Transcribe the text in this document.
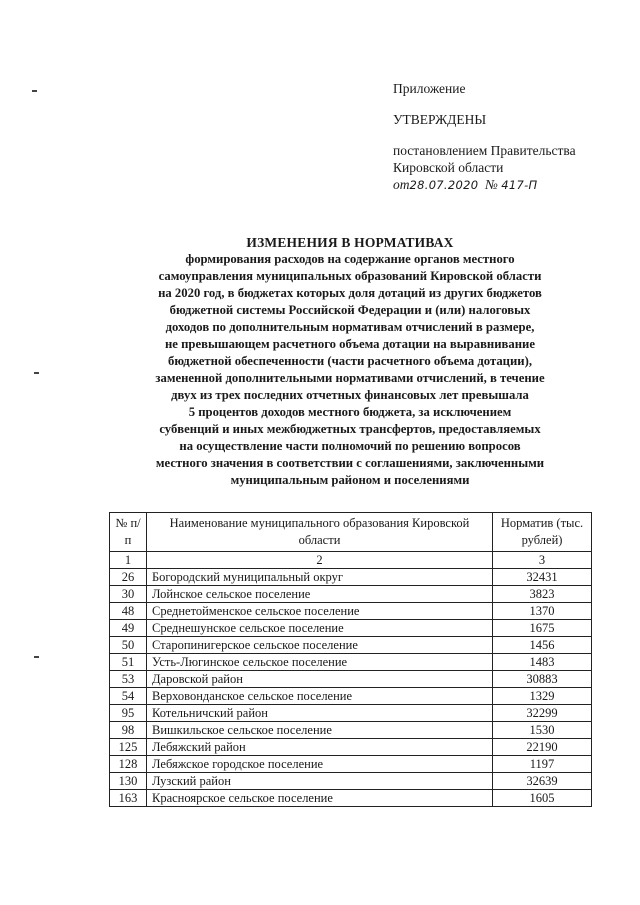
Приложение
УТВЕРЖДЕНЫ
постановлением Правительства
Кировской области
от28.07.2020 № 417-П
ИЗМЕНЕНИЯ В НОРМАТИВАХ
формирования расходов на содержание органов местного
самоуправления муниципальных образований Кировской области
на 2020 год, в бюджетах которых доля дотаций из других бюджетов
бюджетной системы Российской Федерации и (или) налоговых
доходов по дополнительным нормативам отчислений в размере,
не превышающем расчетного объема дотации на выравнивание
бюджетной обеспеченности (части расчетного объема дотации),
замененной дополнительными нормативами отчислений, в течение
двух из трех последних отчетных финансовых лет превышала
5 процентов доходов местного бюджета, за исключением
субвенций и иных межбюджетных трансфертов, предоставляемых
на осуществление части полномочий по решению вопросов
местного значения в соответствии с соглашениями, заключенными
муниципальным районом и поселениями
№ п/п	Наименование муниципального образования Кировской области	Норматив (тыс. рублей)
1	2	3
26	Богородский муниципальный округ	32431
30	Лойнское сельское поселение	3823
48	Среднетойменское сельское поселение	1370
49	Среднешунское сельское поселение	1675
50	Старопинигерское сельское поселение	1456
51	Усть-Люгинское сельское поселение	1483
53	Даровской район	30883
54	Верховонданское сельское поселение	1329
95	Котельничский район	32299
98	Вишкильское сельское поселение	1530
125	Лебяжский район	22190
128	Лебяжское городское поселение	1197
130	Лузский район	32639
163	Красноярское сельское поселение	1605
